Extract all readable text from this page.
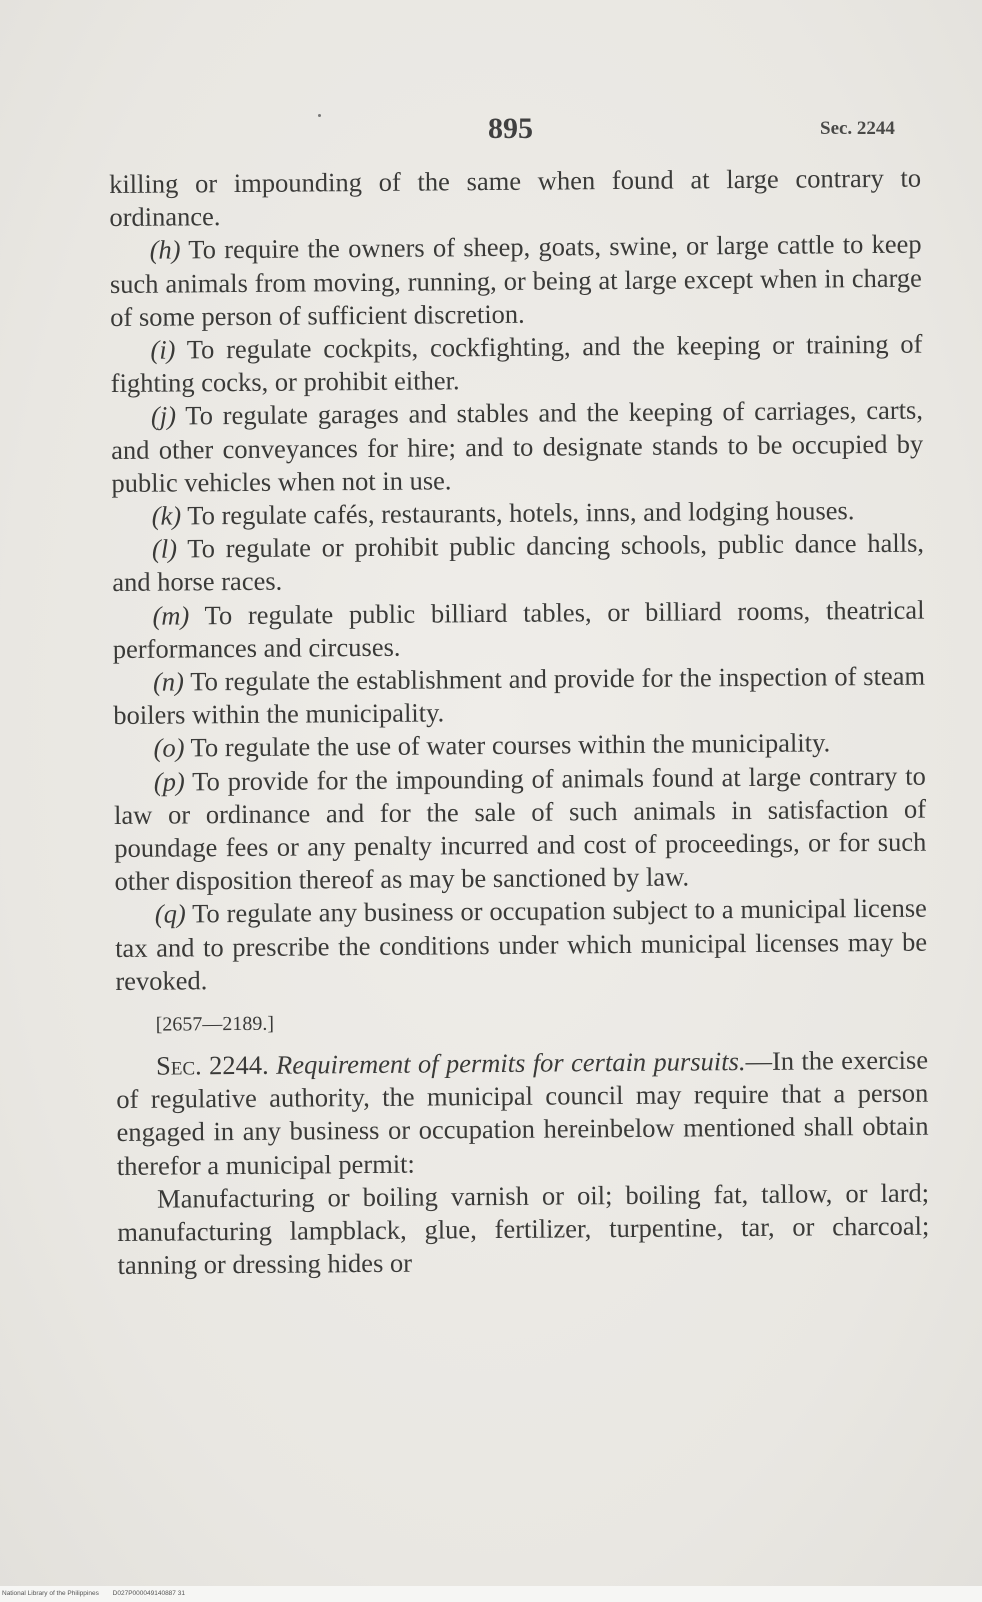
895	Sec. 2244

killing or impounding of the same when found at large contrary to ordinance.

(h) To require the owners of sheep, goats, swine, or large cattle to keep such animals from moving, running, or being at large except when in charge of some person of sufficient discretion.

(i) To regulate cockpits, cockfighting, and the keeping or training of fighting cocks, or prohibit either.

(j) To regulate garages and stables and the keeping of carriages, carts, and other conveyances for hire; and to designate stands to be occupied by public vehicles when not in use.

(k) To regulate cafés, restaurants, hotels, inns, and lodging houses.

(l) To regulate or prohibit public dancing schools, public dance halls, and horse races.

(m) To regulate public billiard tables, or billiard rooms, theatrical performances and circuses.

(n) To regulate the establishment and provide for the inspection of steam boilers within the municipality.

(o) To regulate the use of water courses within the municipality.

(p) To provide for the impounding of animals found at large contrary to law or ordinance and for the sale of such animals in satisfaction of poundage fees or any penalty incurred and cost of proceedings, or for such other disposition thereof as may be sanctioned by law.

(q) To regulate any business or occupation subject to a municipal license tax and to prescribe the conditions under which municipal licenses may be revoked.

[2657—2189.]

Sec. 2244. Requirement of permits for certain pursuits.—In the exercise of regulative authority, the municipal council may require that a person engaged in any business or occupation hereinbelow mentioned shall obtain therefor a municipal permit:

Manufacturing or boiling varnish or oil; boiling fat, tallow, or lard; manufacturing lampblack, glue, fertilizer, turpentine, tar, or charcoal; tanning or dressing hides or

National Library of the Philippines D027P000049140887 31
